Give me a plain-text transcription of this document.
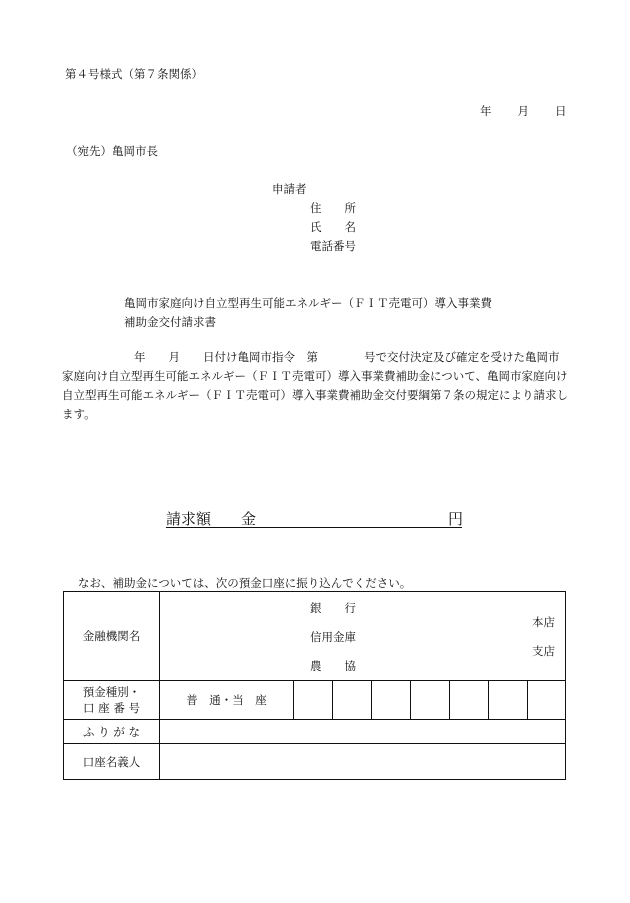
第４号様式（第７条関係）
年 月 日
（宛先）亀岡市長
申請者
住　　所
氏　　名
電話番号
亀岡市家庭向け自立型再生可能エネルギー（ＦＩＴ売電可）導入事業費
補助金交付請求書
年　　月　　日付け亀岡市指令　第　　　　号で交付決定及び確定を受けた亀岡市家庭向け自立型再生可能エネルギー（ＦＩＴ売電可）導入事業費補助金について、亀岡市家庭向け自立型再生可能エネルギー（ＦＩＴ売電可）導入事業費補助金交付要綱第７条の規定により請求します。
請求額　　金	円
なお、補助金については、次の預金口座に振り込んでください。
金融機関名	銀　　行
信用金庫
農　　協
本店
支店							

預金種別・
口 座 番 号	普　通・当　座							
ふ り が な								
口座名義人								
